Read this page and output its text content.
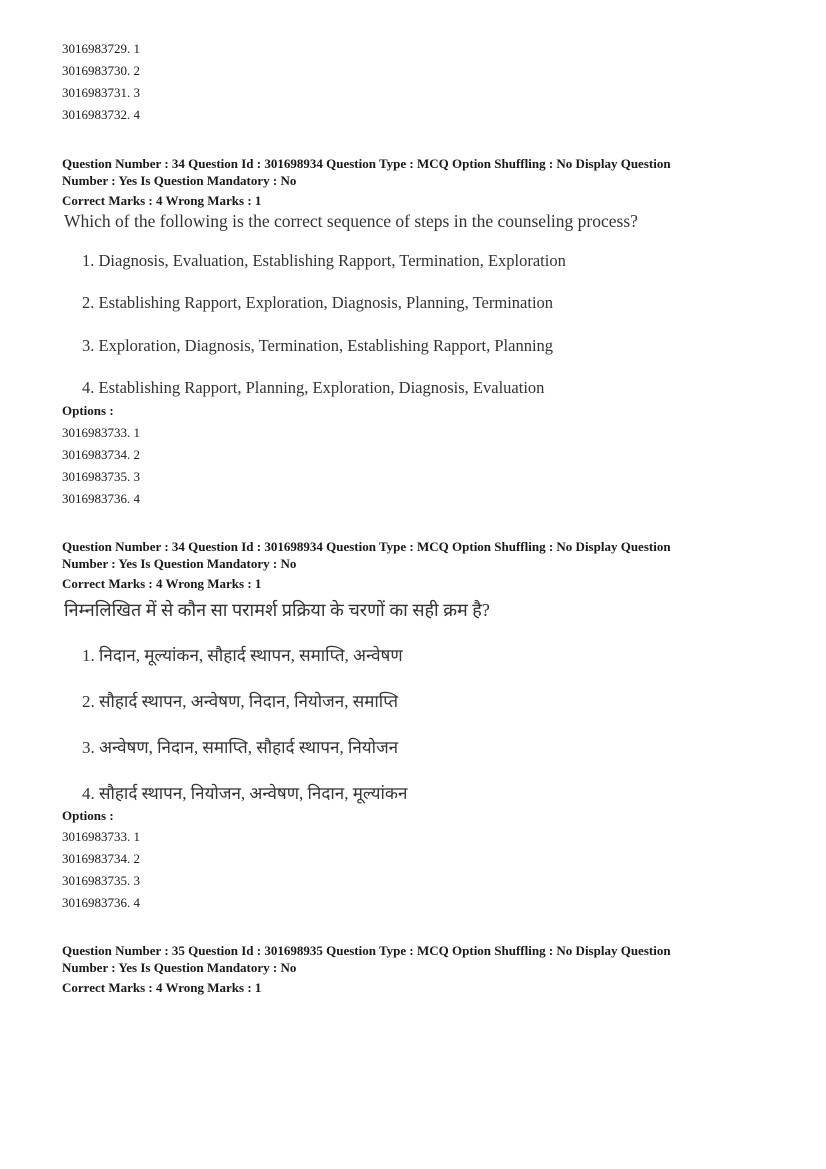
3016983729. 1
3016983730. 2
3016983731. 3
3016983732. 4
Question Number : 34 Question Id : 301698934 Question Type : MCQ Option Shuffling : No Display Question
Number : Yes Is Question Mandatory : No
Correct Marks : 4 Wrong Marks : 1
Which of the following is the correct sequence of steps in the counseling process?
1. Diagnosis, Evaluation, Establishing Rapport, Termination, Exploration
2. Establishing Rapport, Exploration, Diagnosis, Planning, Termination
3. Exploration, Diagnosis, Termination, Establishing Rapport, Planning
4. Establishing Rapport, Planning, Exploration, Diagnosis, Evaluation
Options :
3016983733. 1
3016983734. 2
3016983735. 3
3016983736. 4
Question Number : 34 Question Id : 301698934 Question Type : MCQ Option Shuffling : No Display Question
Number : Yes Is Question Mandatory : No
Correct Marks : 4 Wrong Marks : 1
निम्नलिखित में से कौन सा परामर्श प्रक्रिया के चरणों का सही क्रम है?
1. निदान, मूल्यांकन, सौहार्द स्थापन, समाप्ति, अन्वेषण
2. सौहार्द स्थापन, अन्वेषण, निदान, नियोजन, समाप्ति
3. अन्वेषण, निदान, समाप्ति, सौहार्द स्थापन, नियोजन
4. सौहार्द स्थापन, नियोजन, अन्वेषण, निदान, मूल्यांकन
Options :
3016983733. 1
3016983734. 2
3016983735. 3
3016983736. 4
Question Number : 35 Question Id : 301698935 Question Type : MCQ Option Shuffling : No Display Question
Number : Yes Is Question Mandatory : No
Correct Marks : 4 Wrong Marks : 1
